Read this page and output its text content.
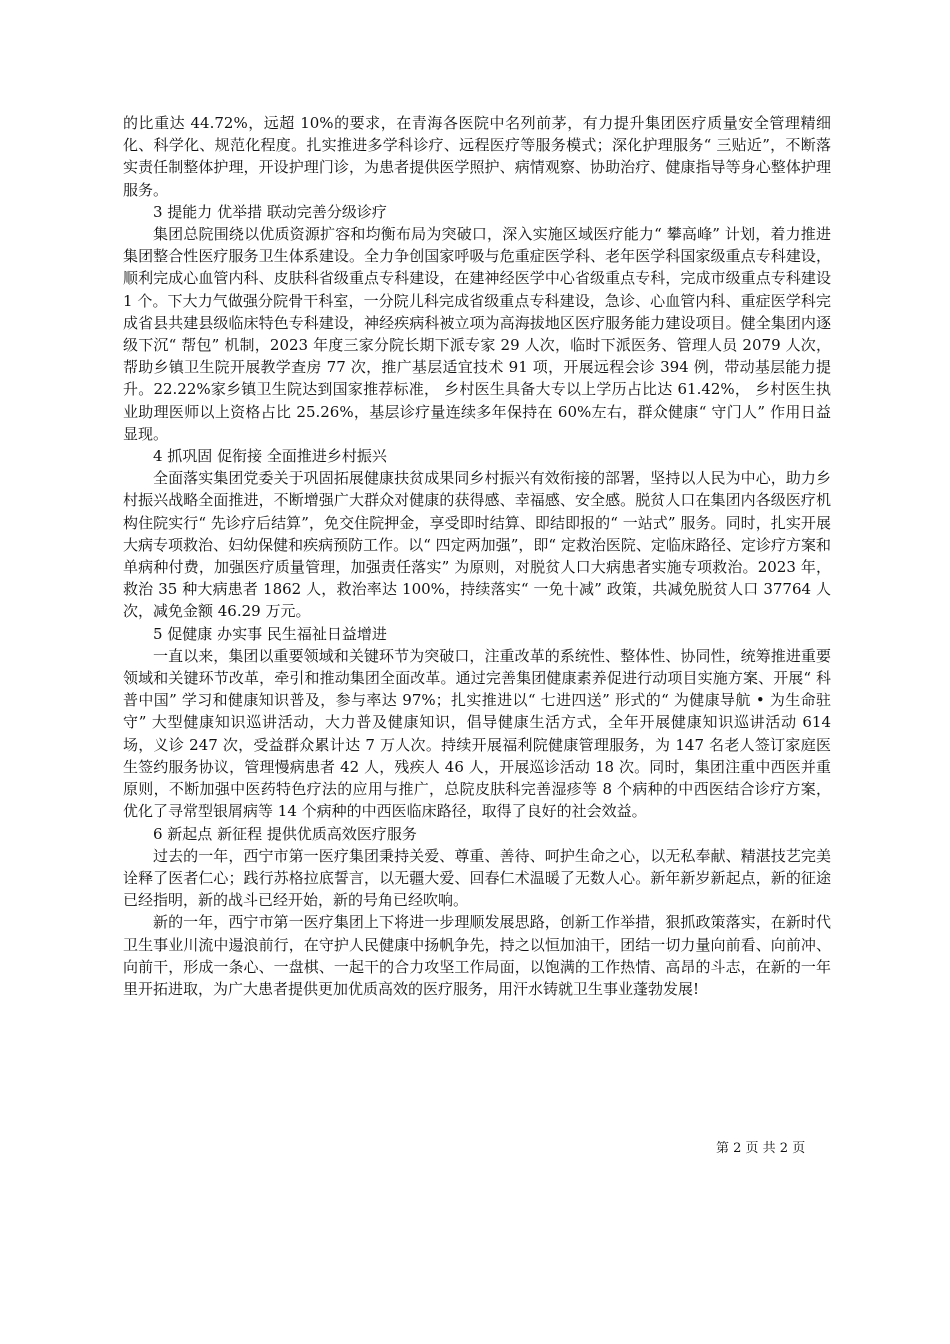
的比重达 44.72%，远超 10%的要求，在青海各医院中名列前茅，有力提升集团医疗质量安全管理精细化、科学化、规范化程度。扎实推进多学科诊疗、远程医疗等服务模式；深化护理服务“ 三贴近”，不断落实责任制整体护理，开设护理门诊，为患者提供医学照护、病情观察、协助治疗、健康指导等身心整体护理服务。

3 提能力 优举措 联动完善分级诊疗

集团总院围绕以优质资源扩容和均衡布局为突破口，深入实施区域医疗能力“ 攀高峰” 计划，着力推进集团整合性医疗服务卫生体系建设。全力争创国家呼吸与危重症医学科、老年医学科国家级重点专科建设，顺利完成心血管内科、皮肤科省级重点专科建设，在建神经医学中心省级重点专科，完成市级重点专科建设 1 个。下大力气做强分院骨干科室，一分院儿科完成省级重点专科建设，急诊、心血管内科、重症医学科完成省县共建县级临床特色专科建设，神经疾病科被立项为高海拔地区医疗服务能力建设项目。健全集团内逐级下沉“ 帮包” 机制，2023 年度三家分院长期下派专家 29 人次，临时下派医务、管理人员 2079 人次，帮助乡镇卫生院开展教学查房 77 次，推广基层适宜技术 91 项，开展远程会诊 394 例，带动基层能力提升。22.22%家乡镇卫生院达到国家推荐标准， 乡村医生具备大专以上学历占比达 61.42%， 乡村医生执业助理医师以上资格占比 25.26%，基层诊疗量连续多年保持在 60%左右，群众健康“ 守门人” 作用日益显现。

4 抓巩固 促衔接 全面推进乡村振兴

全面落实集团党委关于巩固拓展健康扶贫成果同乡村振兴有效衔接的部署，坚持以人民为中心，助力乡村振兴战略全面推进，不断增强广大群众对健康的获得感、幸福感、安全感。脱贫人口在集团内各级医疗机构住院实行“ 先诊疗后结算”，免交住院押金，享受即时结算、即结即报的“ 一站式” 服务。同时，扎实开展大病专项救治、妇幼保健和疾病预防工作。以“ 四定两加强”，即“ 定救治医院、定临床路径、定诊疗方案和单病种付费，加强医疗质量管理，加强责任落实” 为原则，对脱贫人口大病患者实施专项救治。2023 年，救治 35 种大病患者 1862 人，救治率达 100%，持续落实“ 一免十减” 政策，共减免脱贫人口 37764 人次，减免金额 46.29 万元。

5 促健康 办实事 民生福祉日益增进

一直以来，集团以重要领域和关键环节为突破口，注重改革的系统性、整体性、协同性，统筹推进重要领域和关键环节改革，牵引和推动集团全面改革。通过完善集团健康素养促进行动项目实施方案、开展“ 科普中国” 学习和健康知识普及，参与率达 97%；扎实推进以“ 七进四送” 形式的“ 为健康导航 • 为生命驻守” 大型健康知识巡讲活动，大力普及健康知识，倡导健康生活方式，全年开展健康知识巡讲活动 614 场，义诊 247 次，受益群众累计达 7 万人次。持续开展福利院健康管理服务，为 147 名老人签订家庭医生签约服务协议，管理慢病患者 42 人，残疾人 46 人，开展巡诊活动 18 次。同时，集团注重中西医并重原则，不断加强中医药特色疗法的应用与推广，总院皮肤科完善湿疹等 8 个病种的中西医结合诊疗方案，优化了寻常型银屑病等 14 个病种的中西医临床路径，取得了良好的社会效益。

6 新起点 新征程 提供优质高效医疗服务

过去的一年，西宁市第一医疗集团秉持关爱、尊重、善待、呵护生命之心，以无私奉献、精湛技艺完美诠释了医者仁心；践行苏格拉底誓言，以无疆大爱、回春仁术温暖了无数人心。新年新岁新起点，新的征途已经指明，新的战斗已经开始，新的号角已经吹响。

新的一年，西宁市第一医疗集团上下将进一步理顺发展思路，创新工作举措，狠抓政策落实，在新时代卫生事业川流中逿浪前行，在守护人民健康中扬帆争先，持之以恒加油干，团结一切力量向前看、向前冲、向前干，形成一条心、一盘棋、一起干的合力攻坚工作局面，以饱满的工作热情、高昂的斗志，在新的一年里开拓进取，为广大患者提供更加优质高效的医疗服务，用汗水铸就卫生事业蓬勃发展!

第 2 页 共 2 页
